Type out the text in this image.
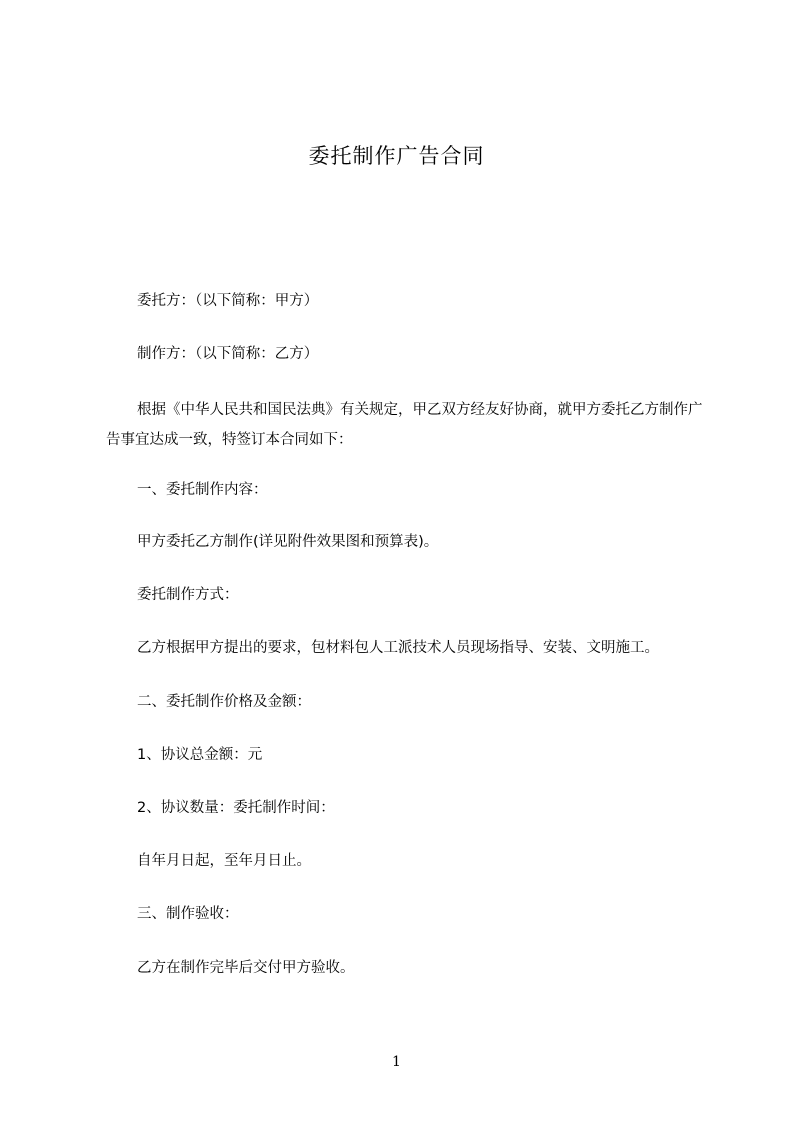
委托制作广告合同
委托方：（以下简称：甲方）
制作方：（以下简称：乙方）
根据《中华人民共和国民法典》有关规定，甲乙双方经友好协商，就甲方委托乙方制作广告事宜达成一致，特签订本合同如下：
一、委托制作内容：
甲方委托乙方制作(详见附件效果图和预算表)。
委托制作方式：
乙方根据甲方提出的要求，包材料包人工派技术人员现场指导、安装、文明施工。
二、委托制作价格及金额：
1、协议总金额：元
2、协议数量：委托制作时间：
自年月日起，至年月日止。
三、制作验收：
乙方在制作完毕后交付甲方验收。
1
